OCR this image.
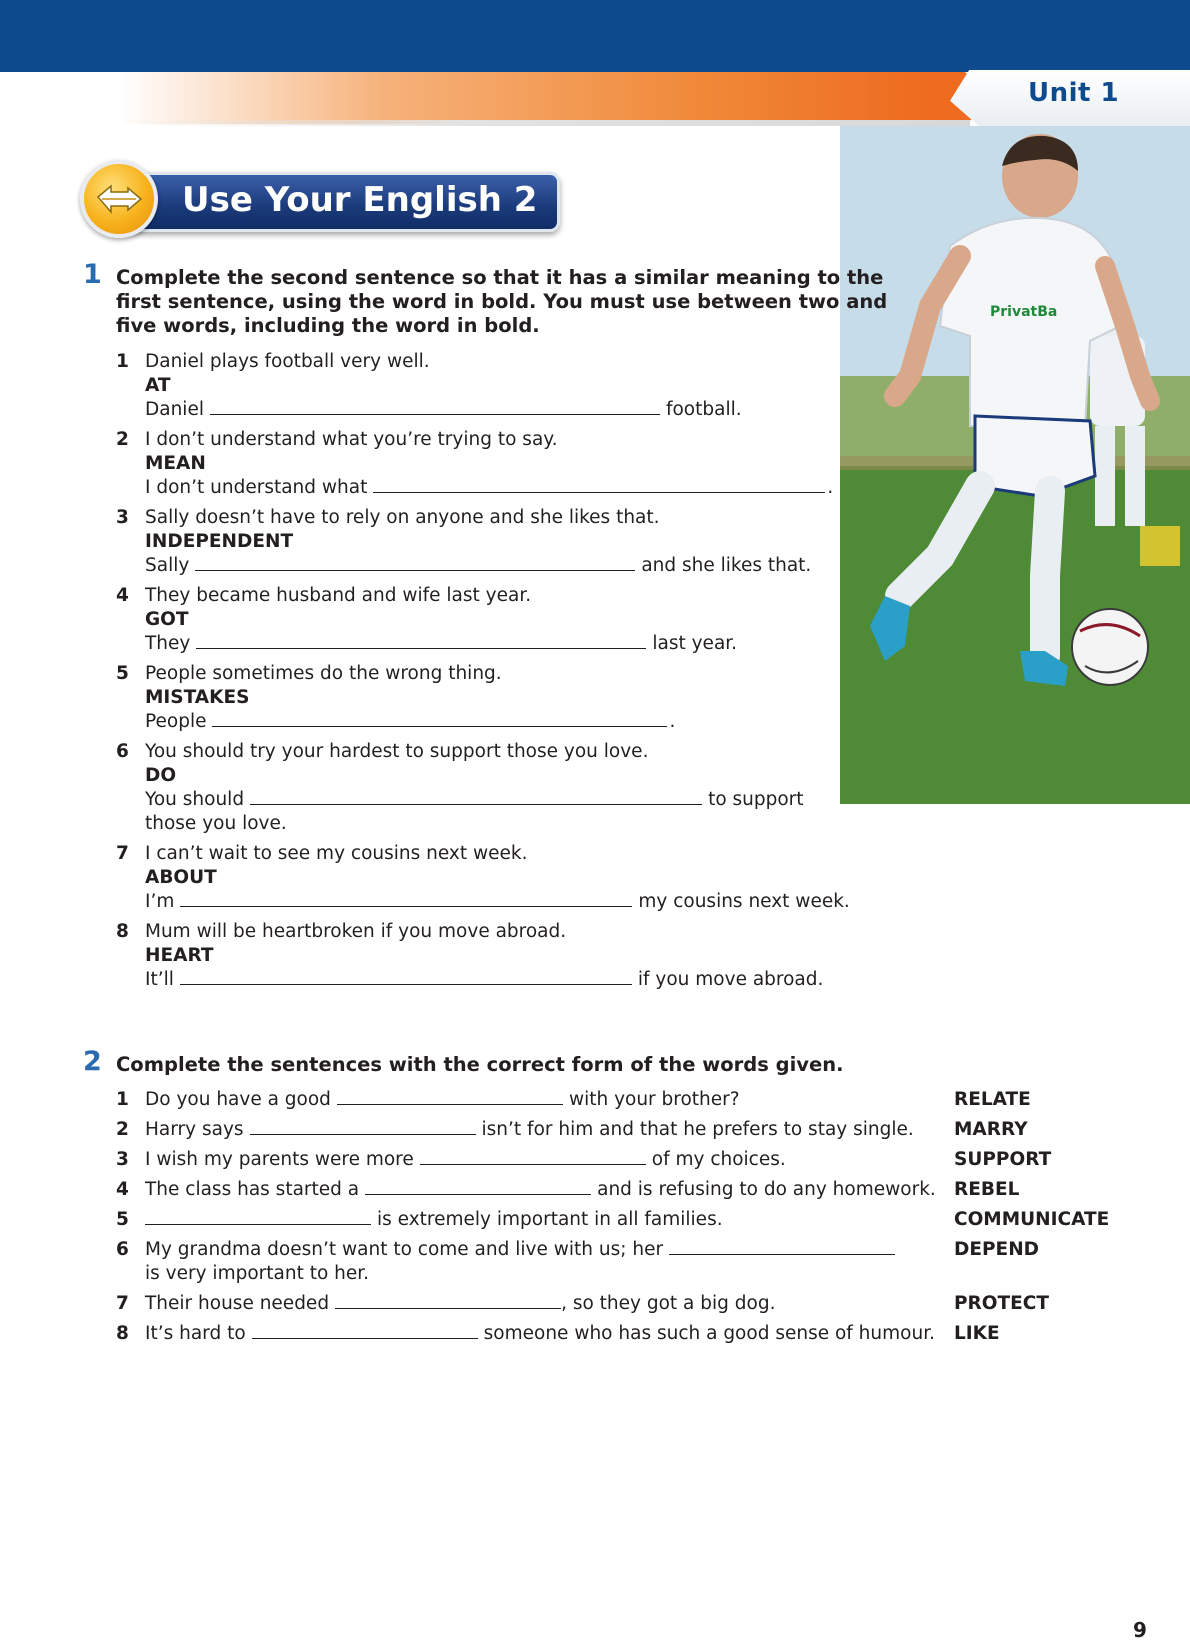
Unit 1
Use Your English 2
PrivatBa
1 Complete the second sentence so that it has a similar meaning to the
first sentence, using the word in bold. You must use between two and
five words, including the word in bold.
1 Daniel plays football very well.
AT
Daniel	football.
2 I don’t understand what you’re trying to say.
MEAN
I don’t understand what	.
3 Sally doesn’t have to rely on anyone and she likes that.
INDEPENDENT
Sally	and she likes that.
4 They became husband and wife last year.
GOT
They	last year.
5 People sometimes do the wrong thing.
MISTAKES
People	.
6 You should try your hardest to support those you love.
DO
You should	to support
those you love.
7 I can’t wait to see my cousins next week.
ABOUT
I’m	my cousins next week.
8 Mum will be heartbroken if you move abroad.
HEART
It’ll	if you move abroad.
2 Complete the sentences with the correct form of the words given.
1 Do you have a good	with your brother?	RELATE
2 Harry says	isn’t for him and that he prefers to stay single. MARRY
3 I wish my parents were more	of my choices.	SUPPORT
4 The class has started a	and is refusing to do any homework. REBEL
5	is extremely important in all families.	COMMUNICATE
6 My grandma doesn’t want to come and live with us; her
is very important to her.
DEPEND
7 Their house needed	, so they got a big dog.	PROTECT
8 It’s hard to	someone who has such a good sense of humour. LIKE
9
